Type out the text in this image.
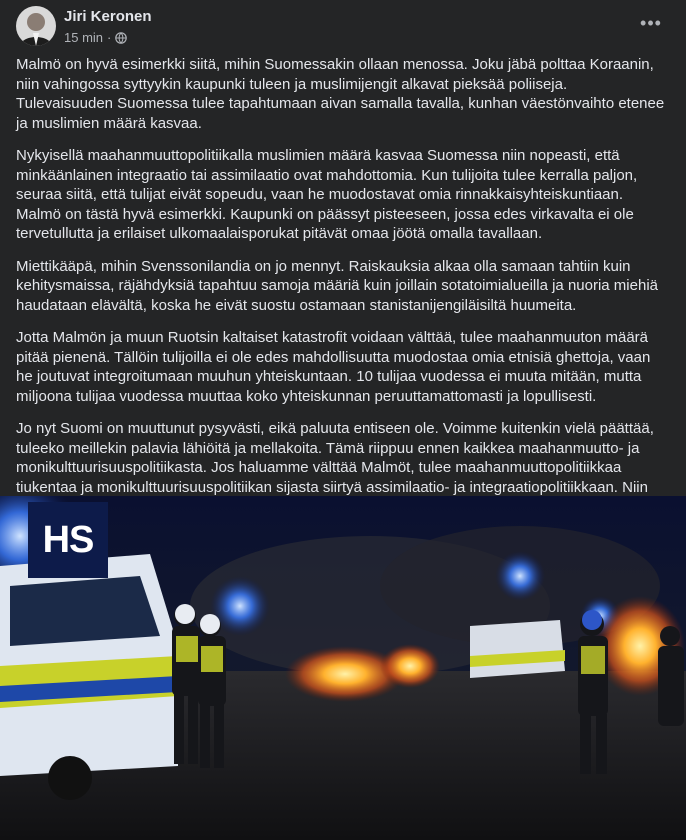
Jiri Keronen
15 min ·
•••

Malmö on hyvä esimerkki siitä, mihin Suomessakin ollaan menossa. Joku jäbä polttaa Koraanin, niin vahingossa syttyykin kaupunki tuleen ja muslimijengit alkavat pieksää poliiseja. Tulevaisuuden Suomessa tulee tapahtumaan aivan samalla tavalla, kunhan väestönvaihto etenee ja muslimien määrä kasvaa.

Nykyisellä maahanmuuttopolitiikalla muslimien määrä kasvaa Suomessa niin nopeasti, että minkäänlainen integraatio tai assimilaatio ovat mahdottomia. Kun tulijoita tulee kerralla paljon, seuraa siitä, että tulijat eivät sopeudu, vaan he muodostavat omia rinnakkaisyhteiskuntiaan. Malmö on tästä hyvä esimerkki. Kaupunki on päässyt pisteeseen, jossa edes virkavalta ei ole tervetullutta ja erilaiset ulkomaalaisporukat pitävät omaa jöötä omalla tavallaan.

Miettikääpä, mihin Svenssonilandia on jo mennyt. Raiskauksia alkaa olla samaan tahtiin kuin kehitysmaissa, räjähdyksiä tapahtuu samoja määriä kuin joillain sotatoimialueilla ja nuoria miehiä haudataan elävältä, koska he eivät suostu ostamaan stanistanijengiläisiltä huumeita.

Jotta Malmön ja muun Ruotsin kaltaiset katastrofit voidaan välttää, tulee maahanmuuton määrä pitää pienenä. Tällöin tulijoilla ei ole edes mahdollisuutta muodostaa omia etnisiä ghettoja, vaan he joutuvat integroitumaan muuhun yhteiskuntaan. 10 tulijaa vuodessa ei muuta mitään, mutta miljoona tulijaa vuodessa muuttaa koko yhteiskunnan peruuttamattomasti ja lopullisesti.

Jo nyt Suomi on muuttunut pysyvästi, eikä paluuta entiseen ole. Voimme kuitenkin vielä päättää, tuleeko meillekin palavia lähiöitä ja mellakoita. Tämä riippuu ennen kaikkea maahanmuutto- ja monikulttuurisuuspolitiikasta. Jos haluamme välttää Malmöt, tulee maahanmuuttopolitiikkaa tiukentaa ja monikulttuurisuuspolitiikan sijasta siirtyä assimilaatio- ja integraatiopolitiikkaan. Niin

HS
